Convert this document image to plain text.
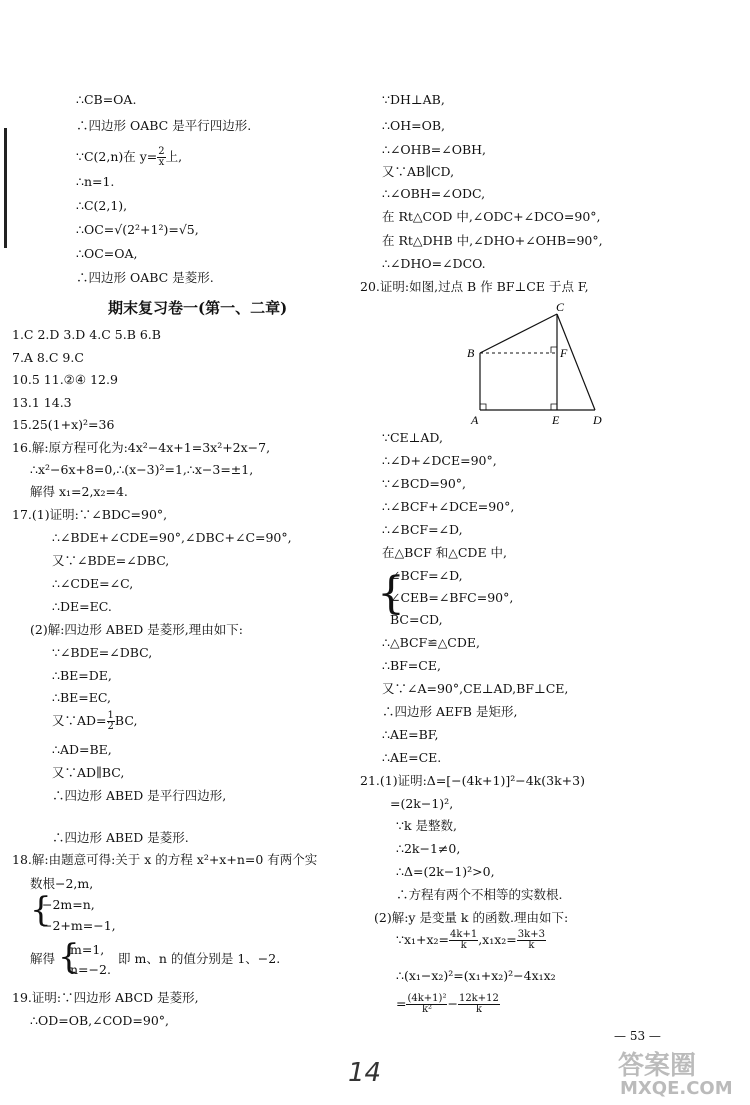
∴CB=OA.
∴四边形 OABC 是平行四边形.
∵C(2,n)在 $y= \frac{2}{x}$ 上,
∴n=1.
∴C(2,1),
∴OC=√(2²+1²)=√5,
∴OC=OA,
∴四边形 OABC 是菱形.
期末复习卷一(第一、二章)
1.C 2.D 3.D 4.C 5.B 6.B
7.A 8.C 9.C
10.5 11.②④ 12.9
13.1 14.3
15.25(1+x)²=36
16.解:原方程可化为:4x²−4x+1=3x²+2x−7,
∴x²−6x+8=0,∴(x−3)²=1,∴x−3=±1,
解得 x₁=2,x₂=4.
17.(1)证明:∵∠BDC=90°,
∴∠BDE+∠CDE=90°,∠DBC+∠C=90°,
又∵∠BDE=∠DBC,
∴∠CDE=∠C,
∴DE=EC.
(2)解:四边形 ABED 是菱形,理由如下:
∵∠BDE=∠DBC,
∴BE=DE,
∴BE=EC,
又∵AD= $\frac{1}{2}$ BC,
∴AD=BE,
又∵AD∥BC,
∴四边形 ABED 是平行四边形,
∴四边形 ABED 是菱形.
18.解:由题意可得:关于 x 的方程 x²+x+n=0 有两个实
数根−2,m,
{
−2m=n,
−2+m=−1,
解得 {
m=1,
n=−2.
即 m、n 的值分别是 1、−2.
19.证明:∵四边形 ABCD 是菱形,
∴OD=OB,∠COD=90°,
∵DH⊥AB,
∴OH=OB,
∴∠OHB=∠OBH,
又∵AB∥CD,
∴∠OBH=∠ODC,
在 Rt△COD 中,∠ODC+∠DCO=90°,
在 Rt△DHB 中,∠DHO+∠OHB=90°,
∴∠DHO=∠DCO.
20.证明:如图,过点 B 作 BF⊥CE 于点 F,
C
B	F
A	E	D
∵CE⊥AD,
∴∠D+∠DCE=90°,
∵∠BCD=90°,
∴∠BCF+∠DCE=90°,
∴∠BCF=∠D,
在△BCF 和△CDE 中,
{
∠BCF=∠D,
∠CEB=∠BFC=90°,
BC=CD,
∴△BCF≌△CDE,
∴BF=CE,
又∵∠A=90°,CE⊥AD,BF⊥CE,
∴四边形 AEFB 是矩形,
∴AE=BF,
∴AE=CE.
21.(1)证明:Δ=[−(4k+1)]²−4k(3k+3)
=(2k−1)²,
∵k 是整数,
∴2k−1≠0,
∴Δ=(2k−1)²>0,
∴方程有两个不相等的实数根.
(2)解:y 是变量 k 的函数.理由如下:
∵x₁+x₂= $\frac{4k+1}{k} ,x_1x_2= \frac{3k+3}{k}$
∴(x₁−x₂)²=(x₁+x₂)²−4x₁x₂
= $\frac{\text{(4k+1)²}}{\text{k²}} - \frac{12k+12}{k}$
— 53 —
14	答案圈
MXQE.COM
